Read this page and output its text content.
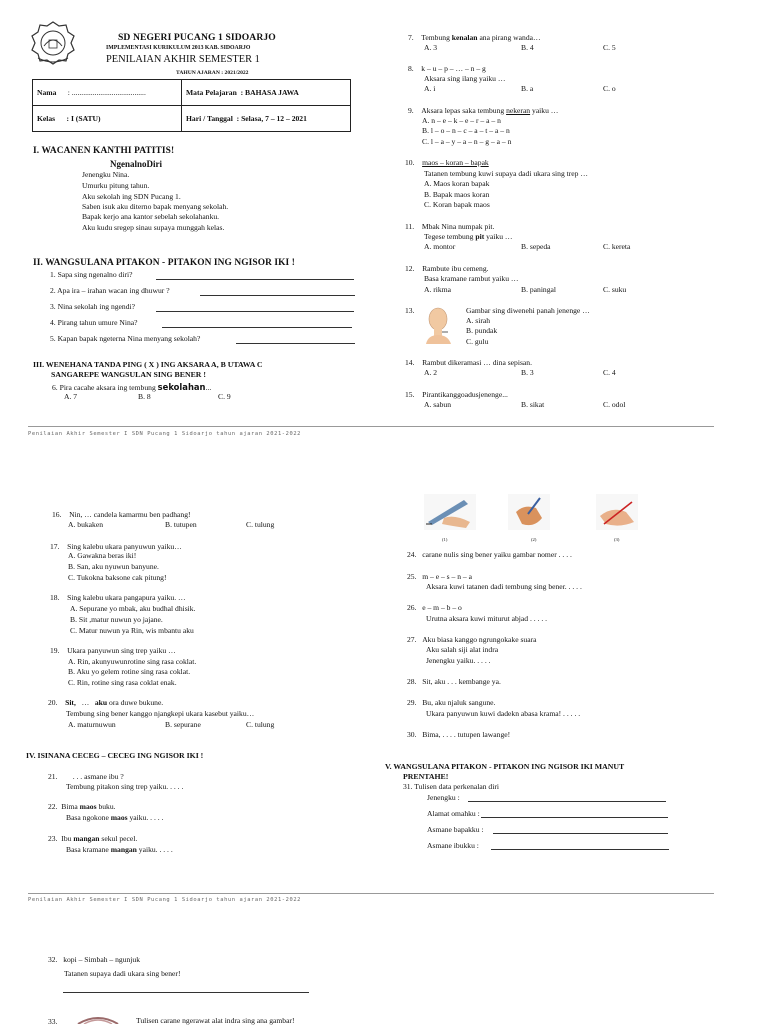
SD NEGERI PUCANG 1 SIDOARJO
IMPLEMENTASI KURIKULUM 2013 KAB. SIDOARJO
PENILAIAN AKHIR SEMESTER 1
TAHUN AJARAN : 2021/2022
Nama : .......................................	Mata Pelajaran : BAHASA JAWA
Kelas : I (SATU)	Hari / Tanggal : Selasa, 7 – 12 – 2021
I. WACANEN KANTHI PATITIS!
NgenalnoDiri
Jenengku Nina.
Umurku pitung tahun.
Aku sekolah ing SDN Pucang 1.
Saben isuk aku diterno bapak menyang sekolah.
Bapak kerjo ana kantor sebelah sekolahanku.
Aku kudu sregep sinau supaya munggah kelas.
II. WANGSULANA PITAKON - PITAKON ING NGISOR IKI !
1. Sapa sing ngenalno diri?
2. Apa ira – irahan wacan ing dhuwur ?
3. Nina sekolah ing ngendi?
4. Pirang tahun umure Nina?
5. Kapan bapak ngeterna Nina menyang sekolah?
III. WENEHANA TANDA PING ( X ) ING AKSARA A, B UTAWA C
SANGAREPE WANGSULAN SING BENER !
6. Pira cacahe aksara ing tembung sekolahan...
A. 7	B. 8	C. 9
7. Tembung kenalan ana pirang wanda…
A. 3	B. 4	C. 5
8. k – u – p – … – n – g
Aksara sing ilang yaiku …
A. i	B. a	C. o
9. Aksara lepas saka tembung nekeran yaiku …
A. n – e – k – e – r – a – n
B. l – o – n – c – a – t – a – n
C. l – a – y – a – n – g – a – n
10. maos – koran – bapak
Tatanen tembung kuwi supaya dadi ukara sing trep …
A. Maos koran bapak
B. Bapak maos koran
C. Koran bapak maos
11. Mbak Nina numpak pit.
Tegese tembung pit yaiku …
A. montor	B. sepeda	C. kereta
12. Rambute ibu cemeng.
Basa kramane rambut yaiku …
A. rikma	B. paningal	C. suku
13.	Gambar sing diwenehi panah jenenge …
A. sirah
B. pundak
C. gulu
14. Rambut dikeramasi … dina sepisan.
A. 2	B. 3	C. 4
15. Pirantikanggoadusjenenge...
A. sabun	B. sikat	C. odol
Penilaian Akhir Semester I SDN Pucang 1 Sidoarjo tahun ajaran 2021-2022
16. Nin, … candela kamarmu ben padhang!
A. bukaken	B. tutupen	C. tulung
17. Sing kalebu ukara panyuwun yaiku…
A. Gawakna beras iki!
B. San, aku nyuwun banyune.
C. Tukokna baksone cak pitung!
18. Sing kalebu ukara pangapura yaiku. …
A. Sepurane yo mbak, aku budhal dhisik.
B. Sit ,matur nuwun yo jajane.
C. Matur nuwun ya Rin, wis mbantu aku
19. Ukara panyuwun sing trep yaiku …
A. Rin, akunyuwunrotine sing rasa coklat.
B. Aku yo gelem rotine sing rasa coklat.
C. Rin, rotine sing rasa coklat enak.
20. Sit, … aku ora duwe bukune.
Tembung sing bener kanggo njangkepi ukara kasebut yaiku…
A. maturnuwun	B. sepurane	C. tulung
IV. ISINANA CECEG – CECEG ING NGISOR IKI !
21. . . . asmane ibu ?
Tembung pitakon sing trep yaiku. . . . .
22. Bima maos buku.
Basa ngokone maos yaiku. . . . .
23. Ibu mangan sekul pecel.
Basa kramane mangan yaiku. . . . .
(1)	(2)	(3)
24. carane nulis sing bener yaiku gambar nomer . . . .
25. m – e – s – n – a
Aksara kuwi tatanen dadi tembung sing bener. . . . .
26. e – m – b – o
Urutna aksara kuwi miturut abjad . . . . .
27. Aku biasa kanggo ngrungokake suara
Aku salah siji alat indra
Jenengku yaiku. . . . .
28. Sit, aku . . . kembange ya.
29. Bu, aku njaluk sangune.
Ukara panyuwun kuwi dadekn abasa krama! . . . . .
30. Bima, . . . . tutupen lawange!
V. WANGSULANA PITAKON - PITAKON ING NGISOR IKI MANUT
PRENTAHE!
31. Tulisen data perkenalan diri
Jenengku :
Alamat omahku :
Asmane bapakku :
Asmane ibukku :
Penilaian Akhir Semester I SDN Pucang 1 Sidoarjo tahun ajaran 2021-2022
32. kopi – Simbah – ngunjuk
Tatanen supaya dadi ukara sing bener!
33.	Tulisen carane ngerawat alat indra sing ana gambar!
